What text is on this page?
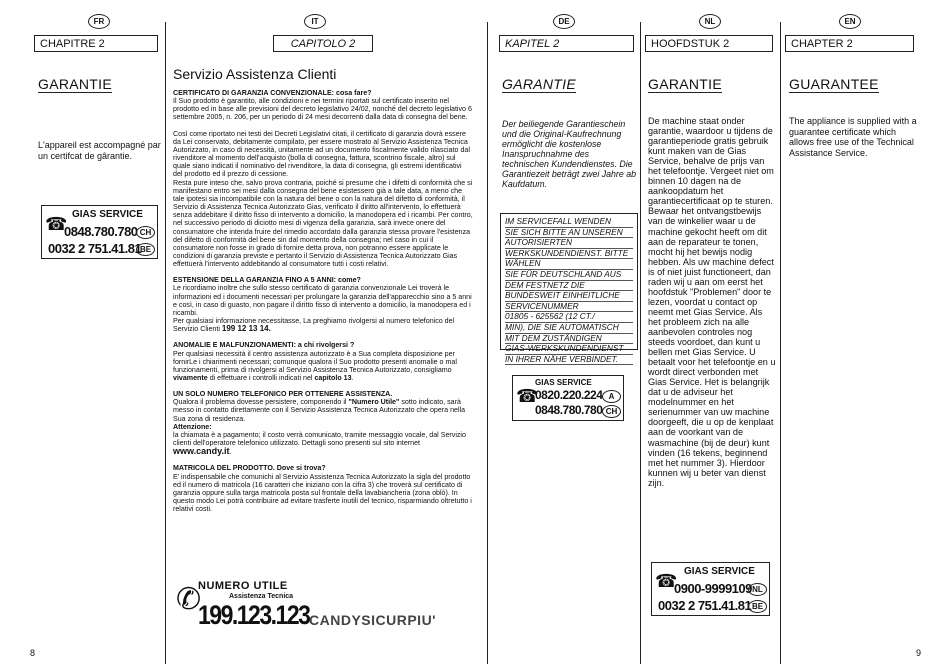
FR	IT	DE	NL	EN
CHAPITRE 2	CAPITOLO 2	KAPITEL 2	HOOFDSTUK 2	CHAPTER 2
GARANTIE
L'appareil est accompagné par un certifcat de gârantie.
☎ GIAS SERVICE
0848.780.780 CH
0032 2 751.41.81
BE
Servizio Assistenza Clienti

CERTIFICATO DI GARANZIA CONVENZIONALE: cosa fare?

Il Suo prodotto è garantito, alle condizioni e nei termini riportati sul certificato inserito nel prodotto ed in base alle previsioni del decreto legislativo 24/02, nonché del decreto legislativo 6 settembre 2005, n. 206, per un periodo di 24 mesi decorrenti dalla data di consegna del bene.

Così come riportato nei testi dei Decreti Legislativi citati, il certificato di garanzia dovrà essere da Lei conservato, debitamente compilato, per essere mostrato al Servizio Assistenza Tecnica Autorizzato, in caso di necessità, unitamente ad un documento fiscalmente valido rilasciato dal rivenditore al momento dell'acquisto (bolla di consegna, fattura, scontrino fiscale, altro) sul quale siano indicati il nominativo del rivenditore, la data di consegna, gli estremi identificativi del prodotto ed il prezzo di cessione.

Resta pure inteso che, salvo prova contraria, poiché si presume che i difetti di conformità che si manifestano entro sei mesi dalla consegna del bene esistessero già a tale data, a meno che tale ipotesi sia incompatibile con la natura del bene o con la natura del difetto di conformità, il Servizio di Assistenza Tecnica Autorizzato Gias, verificato il diritto all'intervento, lo effettuerà senza addebitare il diritto fisso di intervento a domicilio, la manodopera ed i ricambi. Per contro, nel successivo periodo di diciotto mesi di vigenza della garanzia, sarà invece onere del consumatore che intenda fruire del rimedio accordato dalla garanzia stessa provare l'esistenza del difetto di conformità del bene sin dal momento della consegna; nel caso in cui il consumatore non fosse in grado di fornire detta prova, non potranno essere applicate le condizioni di garanzia previste e pertanto il Servizio di Assistenza Tecnica Autorizzato Gias effettuerà l'intervento addebitando al consumatore tutti i costi relativi.

ESTENSIONE DELLA GARANZIA FINO A 5 ANNI: come?

Le ricordiamo inoltre che sullo stesso certificato di garanzia convenzionale Lei troverà le informazioni ed i documenti necessari per prolungare la garanzia dell'apparecchio sino a 5 anni e così, in caso di guasto, non pagare il diritto fisso di intervento a domicilio, la manodopera ed i ricambi.

Per qualsiasi informazione necessitasse, La preghiamo rivolgersi al numero telefonico del Servizio Clienti 199 12 13 14.

ANOMALIE E MALFUNZIONAMENTI: a chi rivolgersi ?

Per qualsiasi necessità il centro assistenza autorizzato è a Sua completa disposizione per fornirLe i chiarimenti necessari; comunque qualora il Suo prodotto presenti anomalie o mal funzionamenti, prima di rivolgersi al Servizio Assistenza Tecnica Autorizzato, consigliamo vivamente di effettuare i controlli indicati nel capitolo 13.

UN SOLO NUMERO TELEFONICO PER OTTENERE ASSISTENZA.

Qualora il problema dovesse persistere, componendo il "Numero Utile" sotto indicato, sarà messo in contatto direttamente con il Servizio Assistenza Tecnica Autorizzato che opera nella Sua zona di residenza.

Attenzione:

la chiamata è a pagamento; il costo verrà comunicato, tramite messaggio vocale, dal Servizio clienti dell'operatore telefonico utilizzato. Dettagli sono presenti sul sito internet

www.candy.it.

MATRICOLA DEL PRODOTTO. Dove si trova?

E' indispensabile che comunichi al Servizio Assistenza Tecnica Autorizzato la sigla del prodotto ed il numero di matricola (16 caratteri che iniziano con la cifra 3) che troverà sul certificato di garanzia oppure sulla targa matricola posta sul frontale della lavabiancheria (zona oblò). In questo modo Lei potrà contribuire ad evitare trasferte inutili del tecnico, risparmiando oltretutto i relativi costi.

✆
NUMERO UTILE
Assistenza Tecnica
199.123.123 CANDYSICURPIU'
GARANTIE
Der beiliegende Garantieschein und die Original-Kaufrechnung ermöglicht die kostenlose Inanspruchnahme des technischen Kundendienstes. Die Garantiezeit beträgt zwei Jahre ab Kaufdatum.
IM SERVICEFALL WENDEN
SIE SICH BITTE AN UNSEREN
AUTORISIERTEN
WERKSKUNDENDIENST. BITTE
WÄHLEN
SIE FÜR DEUTSCHLAND AUS
DEM FESTNETZ DIE
BUNDESWEIT EINHEITLICHE
SERVICENUMMER
01805 - 625562 (12 CT./
MIN), DIE SIE AUTOMATISCH
MIT DEM ZUSTÄNDIGEN
GIAS-WERKSKUNDENDIENST
IN IHRER NÄHE VERBINDET.
☎
GIAS SERVICE
0820.220.224 A
0848.780.780 CH
GARANTIE
De machine staat onder garantie, waardoor u tijdens de garantieperiode gratis gebruik kunt maken van de Gias Service, behalve de prijs van het telefoontje. Vergeet niet om binnen 10 dagen na de aankoopdatum het garantiecertificaat op te sturen. Bewaar het ontvangstbewijs van de winkelier waar u de machine gekocht heeft om dit aan de reparateur te tonen, mocht hij het bewijs nodig hebben. Als uw machine defect is of niet juist functioneert, dan raden wij u aan om eerst het hoofdstuk "Problemen" door te lezen, voordat u contact op neemt met Gias Service. Als het probleem zich na alle aanbevolen controles nog steeds voordoet, dan kunt u bellen met Gias Service. U betaalt voor het telefoontje en u wordt direct verbonden met Gias Service. Het is belangrijk dat u de adviseur het modelnummer en het serienummer van uw machine doorgeeft, die u op de kenplaat aan de voorkant van de wasmachine (bij de deur) kunt vinden (16 tekens, beginnend met het nummer 3). Hierdoor kunnen wij u beter van dienst zijn.
☎ GIAS SERVICE
0900-9999109 NL
0032 2 751.41.81 BE
GUARANTEE
The appliance is supplied with a guarantee certificate which allows free use of the Technical Assistance Service.
8	9
